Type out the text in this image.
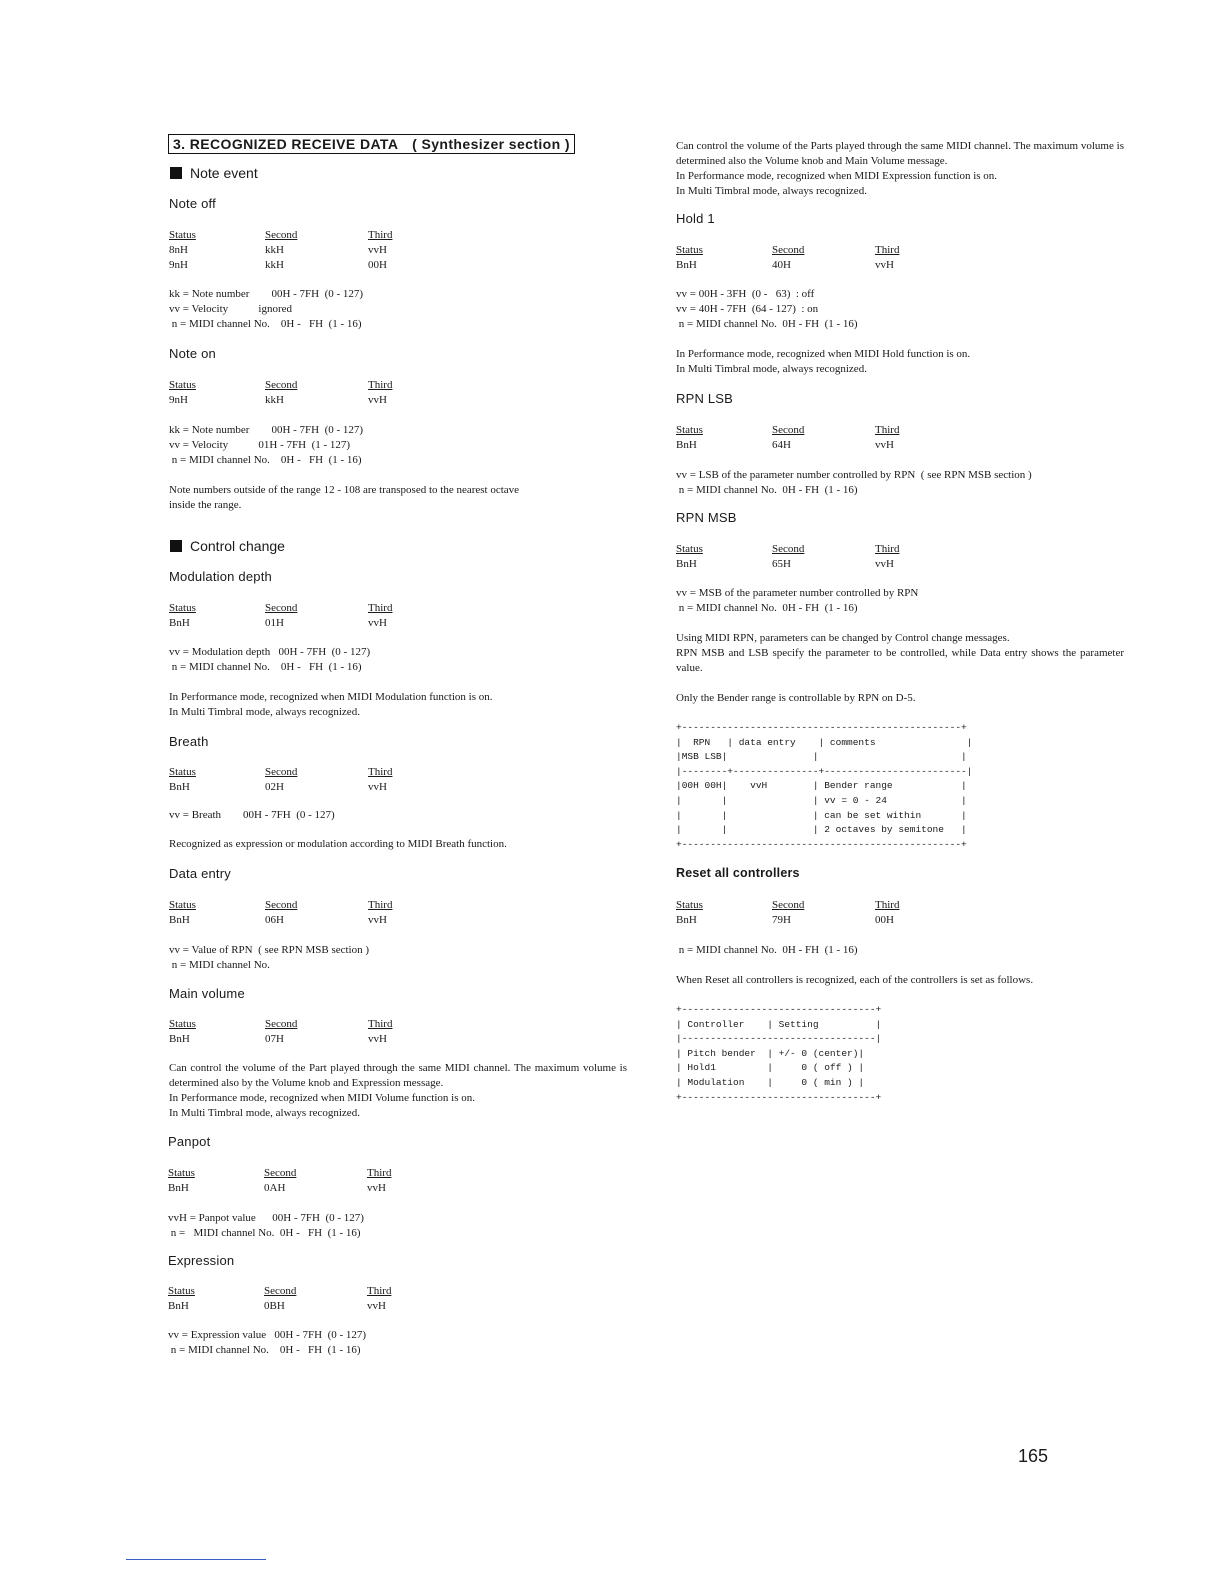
3. RECOGNIZED RECEIVE DATA ( Synthesizer section )
Note event
Note off
Status	Second	Third
8nH	kkH	vvH
9nH	kkH	00H
kk = Note number        00H - 7FH  (0 - 127)
vv = Velocity           ignored
n = MIDI channel No.    0H -   FH  (1 - 16)
Note on
Status	Second	Third
9nH	kkH	vvH
kk = Note number        00H - 7FH  (0 - 127)
vv = Velocity           01H - 7FH  (1 - 127)
n = MIDI channel No.    0H -   FH  (1 - 16)

Note numbers outside of the range 12 - 108 are transposed to the nearest octave

inside the range.

Control change
Modulation depth
Status	Second	Third
BnH	01H	vvH
vv = Modulation depth   00H - 7FH  (0 - 127)
n = MIDI channel No.    0H -   FH  (1 - 16)

In Performance mode, recognized when MIDI Modulation function is on.

In Multi Timbral mode, always recognized.

Breath
Status	Second	Third
BnH	02H	vvH
vv = Breath        00H - 7FH  (0 - 127)

Recognized as expression or modulation according to MIDI Breath function.

Data entry
Status	Second	Third
BnH	06H	vvH
vv = Value of RPN  ( see RPN MSB section )
n = MIDI channel No.
Main volume
Status	Second	Third
BnH	07H	vvH

Can control the volume of the Part played through the same MIDI channel. The maximum volume is determined also by the Volume knob and Expression message.

In Performance mode, recognized when MIDI Volume function is on.

In Multi Timbral mode, always recognized.

Panpot
Status	Second	Third
BnH	0AH	vvH
vvH = Panpot value      00H - 7FH  (0 - 127)
n =   MIDI channel No.  0H -   FH  (1 - 16)
Expression
Status	Second	Third
BnH	0BH	vvH
vv = Expression value   00H - 7FH  (0 - 127)
n = MIDI channel No.    0H -   FH  (1 - 16)

Can control the volume of the Parts played through the same MIDI channel. The maximum volume is determined also the Volume knob and Main Volume message.

In Performance mode, recognized when MIDI Expression function is on.

In Multi Timbral mode, always recognized.

Hold 1
Status	Second	Third
BnH	40H	vvH
vv = 00H - 3FH  (0 -   63)  : off
vv = 40H - 7FH  (64 - 127)  : on
n = MIDI channel No.  0H - FH  (1 - 16)

In Performance mode, recognized when MIDI Hold function is on.

In Multi Timbral mode, always recognized.

RPN LSB
Status	Second	Third
BnH	64H	vvH
vv = LSB of the parameter number controlled by RPN  ( see RPN MSB section )
n = MIDI channel No.  0H - FH  (1 - 16)
RPN MSB
Status	Second	Third
BnH	65H	vvH
vv = MSB of the parameter number controlled by RPN
n = MIDI channel No.  0H - FH  (1 - 16)

Using MIDI RPN, parameters can be changed by Control change messages.

RPN MSB and LSB specify the parameter to be controlled, while Data entry shows the parameter value.

Only the Bender range is controllable by RPN on D-5.

+-------------------------------------------------+
|  RPN   | data entry    | comments                |
|MSB LSB|               |                         |
|--------+---------------+-------------------------|
|00H 00H|    vvH        | Bender range            |
|       |               | vv = 0 - 24             |
|       |               | can be set within       |
|       |               | 2 octaves by semitone   |
+-------------------------------------------------+
Reset all controllers
Status	Second	Third
BnH	79H	00H
n = MIDI channel No.  0H - FH  (1 - 16)

When Reset all controllers is recognized, each of the controllers is set as follows.

+----------------------------------+
| Controller    | Setting          |
|----------------------------------|
| Pitch bender  | +/- 0 (center)|
| Hold1         |     0 ( off ) |
| Modulation    |     0 ( min ) |
+----------------------------------+
165
